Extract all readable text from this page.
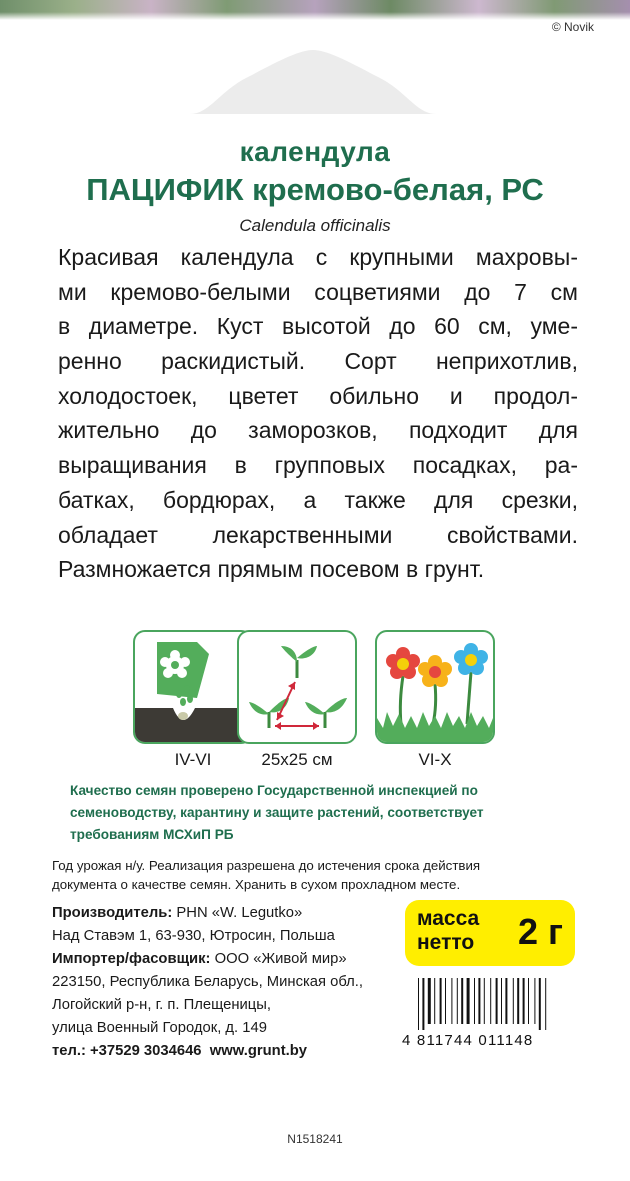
© Novik
календула
ПАЦИФИК кремово-белая, РС
Calendula officinalis
Красивая календула с крупными махровы-
ми кремово-белыми соцветиями до 7 см
в диаметре. Куст высотой до 60 см, уме-
ренно раскидистый. Сорт неприхотлив,
холодостоек, цветет обильно и продол-
жительно до заморозков, подходит для
выращивания в групповых посадках, ра-
батках, бордюрах, а также для срезки,
обладает лекарственными свойствами.
Размножается прямым посевом в грунт.
IV-VI	25x25 см	VI-X
Качество семян проверено Государственной инспекцией по
семеноводству, карантину и защите растений, соответствует
требованиям МСХиП РБ
Год урожая н/у. Реализация разрешена до истечения срока действия
документа о качестве семян. Хранить в сухом прохладном месте.
Производитель: PHN «W. Legutko»
Над Ставэм 1, 63-930, Ютросин, Польша
Импортер/фасовщик: ООО «Живой мир»
223150, Республика Беларусь, Минская обл.,
Логойский р-н, г. п. Плещеницы,
улица Военный Городок, д. 149
тел.: +37529 3034646  www.grunt.by
масса
нетто 2 г
4 811744 011148
N1518241
